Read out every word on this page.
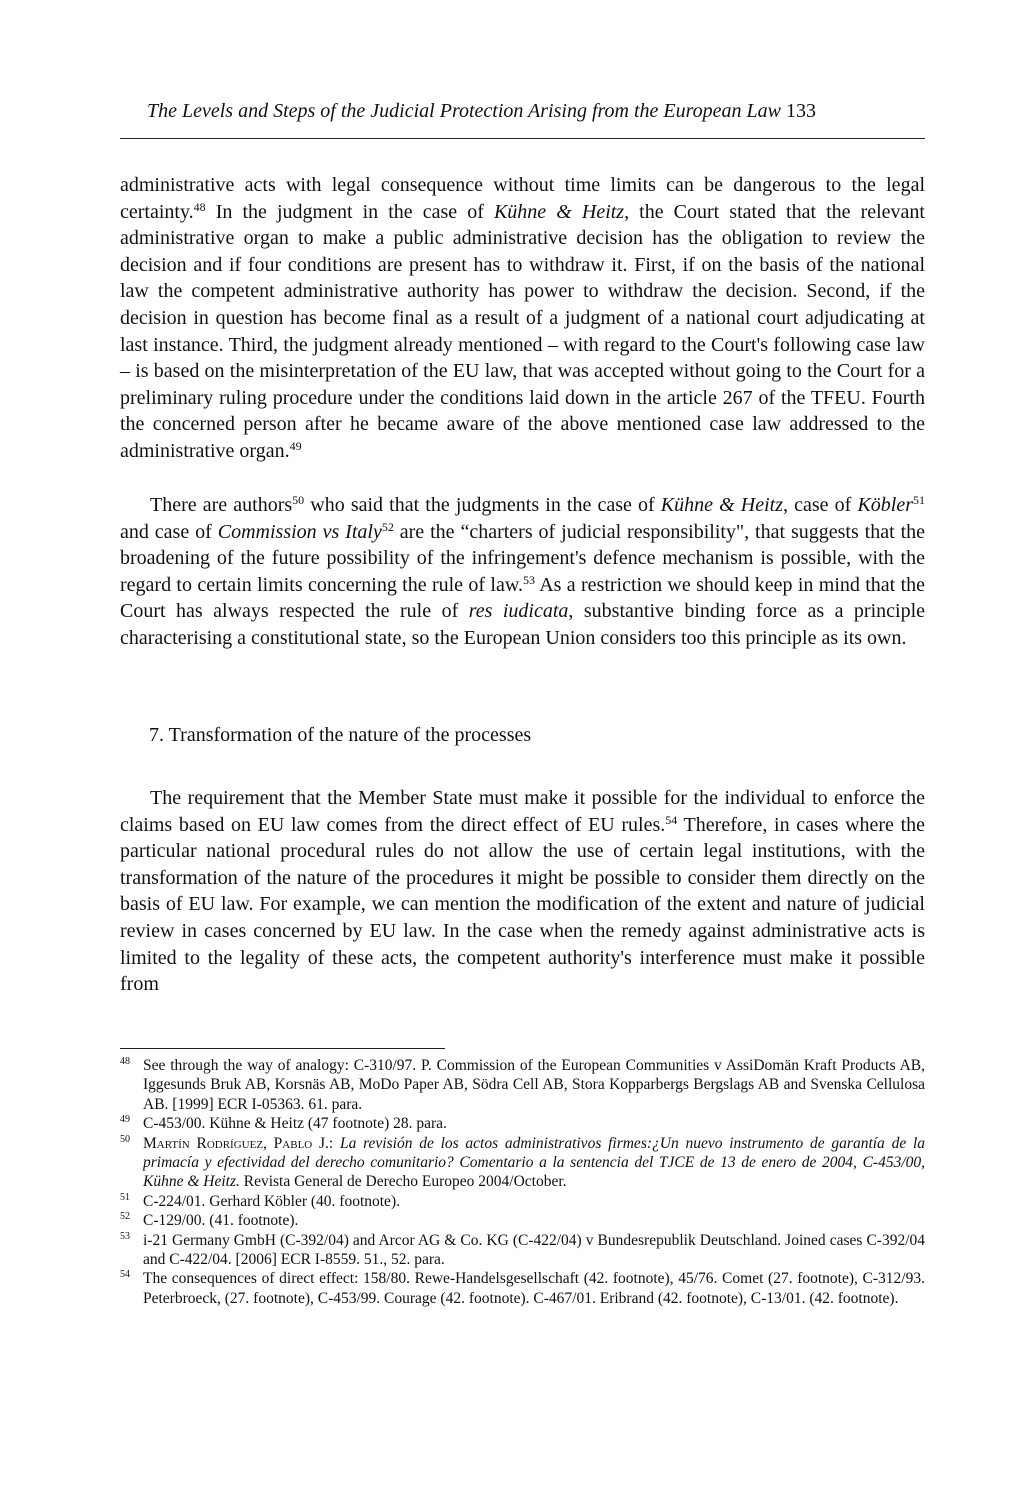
The Levels and Steps of the Judicial Protection Arising from the European Law 133

administrative acts with legal consequence without time limits can be dangerous to the legal certainty.$^{48}$ In the judgment in the case of Kühne & Heitz, the Court stated that the relevant administrative organ to make a public administrative decision has the obligation to review the decision and if four conditions are present has to withdraw it. First, if on the basis of the national law the competent administrative authority has power to withdraw the decision. Second, if the decision in question has become final as a result of a judgment of a national court adjudicating at last instance. Third, the judgment already mentioned – with regard to the Court's following case law – is based on the misinterpretation of the EU law, that was accepted without going to the Court for a preliminary ruling procedure under the conditions laid down in the article 267 of the TFEU. Fourth the concerned person after he became aware of the above mentioned case law addressed to the administrative organ.$^{49}$

There are authors$^{50}$ who said that the judgments in the case of Kühne & Heitz, case of Köbler$^{51}$ and case of Commission vs Italy$^{52}$ are the “charters of judicial responsibility", that suggests that the broadening of the future possibility of the infringement's defence mechanism is possible, with the regard to certain limits concerning the rule of law.$^{53}$ As a restriction we should keep in mind that the Court has always respected the rule of res iudicata, substantive binding force as a principle characterising a constitutional state, so the European Union considers too this principle as its own.

7. Transformation of the nature of the processes

The requirement that the Member State must make it possible for the individual to enforce the claims based on EU law comes from the direct effect of EU rules.$^{54}$ Therefore, in cases where the particular national procedural rules do not allow the use of certain legal institutions, with the transformation of the nature of the procedures it might be possible to consider them directly on the basis of EU law. For example, we can mention the modification of the extent and nature of judicial review in cases concerned by EU law. In the case when the remedy against administrative acts is limited to the legality of these acts, the competent authority's interference must make it possible from

48 See through the way of analogy: C-310/97. P. Commission of the European Communities v AssiDomän Kraft Products AB, Iggesunds Bruk AB, Korsnäs AB, MoDo Paper AB, Södra Cell AB, Stora Kopparbergs Bergslags AB and Svenska Cellulosa AB. [1999] ECR I-05363. 61. para.

49 C-453/00. Kühne & Heitz (47 footnote) 28. para.

50 Martín Rodríguez, Pablo J.: La revisión de los actos administrativos firmes:¿Un nuevo instrumento de garantía de la primacía y efectividad del derecho comunitario? Comentario a la sentencia del TJCE de 13 de enero de 2004, C-453/00, Kühne & Heitz. Revista General de Derecho Europeo 2004/October.

51 C-224/01. Gerhard Köbler (40. footnote).

52 C-129/00. (41. footnote).

53 i-21 Germany GmbH (C-392/04) and Arcor AG & Co. KG (C-422/04) v Bundesrepublik Deutschland. Joined cases C-392/04 and C-422/04. [2006] ECR I-8559. 51., 52. para.

54 The consequences of direct effect: 158/80. Rewe-Handelsgesellschaft (42. footnote), 45/76. Comet (27. footnote), C-312/93. Peterbroeck, (27. footnote), C-453/99. Courage (42. footnote). C-467/01. Eribrand (42. footnote), C-13/01. (42. footnote).
